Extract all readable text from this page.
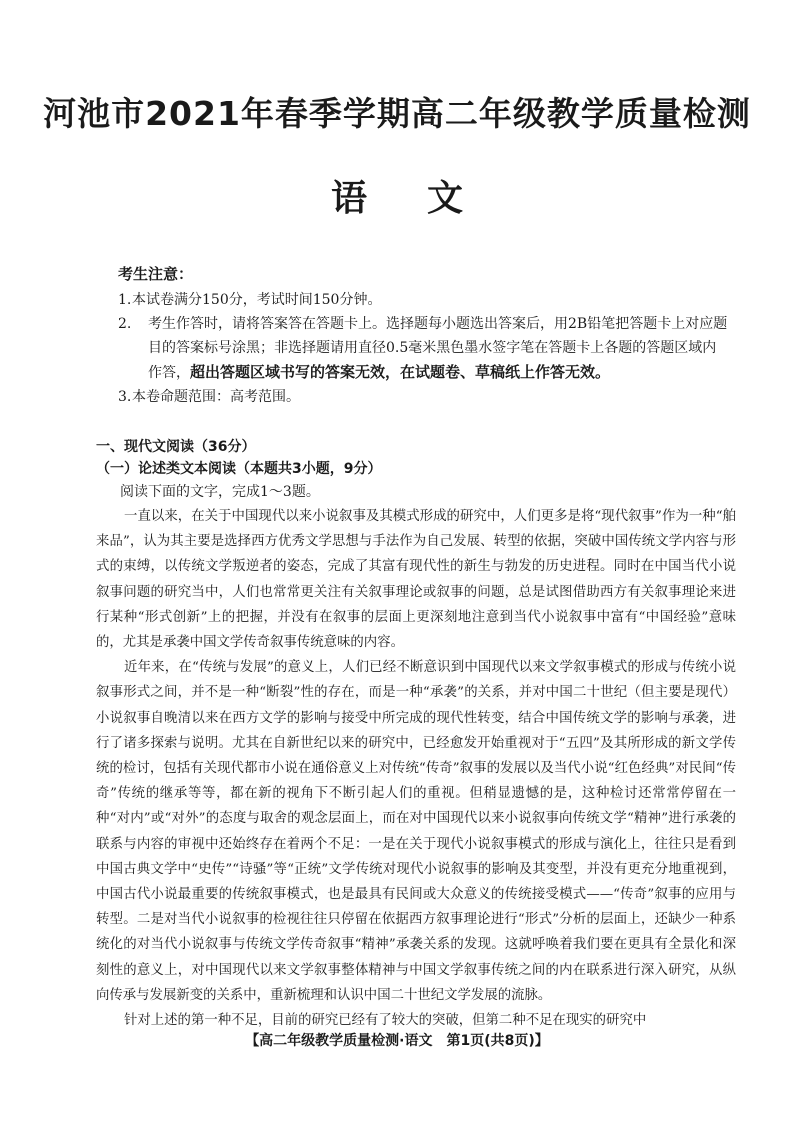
河池市2021年春季学期高二年级教学质量检测
语文
考生注意：
1. 本试卷满分150分，考试时间150分钟。
2. 考生作答时，请将答案答在答题卡上。选择题每小题选出答案后，用2B铅笔把答题卡上对应题目的答案标号涂黑；非选择题请用直径0.5毫米黑色墨水签字笔在答题卡上各题的答题区域内作答，超出答题区域书写的答案无效，在试题卷、草稿纸上作答无效。
3. 本卷命题范围：高考范围。
一、现代文阅读（36分）
（一）论述类文本阅读（本题共3小题，9分）
阅读下面的文字，完成1～3题。

一直以来，在关于中国现代以来小说叙事及其模式形成的研究中，人们更多是将“现代叙事”作为一种“舶来品”，认为其主要是选择西方优秀文学思想与手法作为自己发展、转型的依据，突破中国传统文学内容与形式的束缚，以传统文学叛逆者的姿态，完成了其富有现代性的新生与勃发的历史进程。同时在中国当代小说叙事问题的研究当中，人们也常常更关注有关叙事理论或叙事的问题，总是试图借助西方有关叙事理论来进行某种“形式创新”上的把握，并没有在叙事的层面上更深刻地注意到当代小说叙事中富有“中国经验”意味的，尤其是承袭中国文学传奇叙事传统意味的内容。

近年来，在“传统与发展”的意义上，人们已经不断意识到中国现代以来文学叙事模式的形成与传统小说叙事形式之间，并不是一种“断裂”性的存在，而是一种“承袭”的关系，并对中国二十世纪（但主要是现代）小说叙事自晚清以来在西方文学的影响与接受中所完成的现代性转变，结合中国传统文学的影响与承袭，进行了诸多探索与说明。尤其在自新世纪以来的研究中，已经愈发开始重视对于“五四”及其所形成的新文学传统的检讨，包括有关现代都市小说在通俗意义上对传统“传奇”叙事的发展以及当代小说“红色经典”对民间“传奇”传统的继承等等，都在新的视角下不断引起人们的重视。但稍显遗憾的是，这种检讨还常常停留在一种“对内”或“对外”的态度与取舍的观念层面上，而在对中国现代以来小说叙事向传统文学“精神”进行承袭的联系与内容的审视中还始终存在着两个不足：一是在关于现代小说叙事模式的形成与演化上，往往只是看到中国古典文学中“史传”“诗骚”等“正统”文学传统对现代小说叙事的影响及其变型，并没有更充分地重视到，中国古代小说最重要的传统叙事模式，也是最具有民间或大众意义的传统接受模式——“传奇”叙事的应用与转型。二是对当代小说叙事的检视往往只停留在依据西方叙事理论进行“形式”分析的层面上，还缺少一种系统化的对当代小说叙事与传统文学传奇叙事“精神”承袭关系的发现。这就呼唤着我们要在更具有全景化和深刻性的意义上，对中国现代以来文学叙事整体精神与中国文学叙事传统之间的内在联系进行深入研究，从纵向传承与发展新变的关系中，重新梳理和认识中国二十世纪文学发展的流脉。

针对上述的第一种不足，目前的研究已经有了较大的突破，但第二种不足在现实的研究中

【高二年级教学质量检测·语文　第1页(共8页)】
